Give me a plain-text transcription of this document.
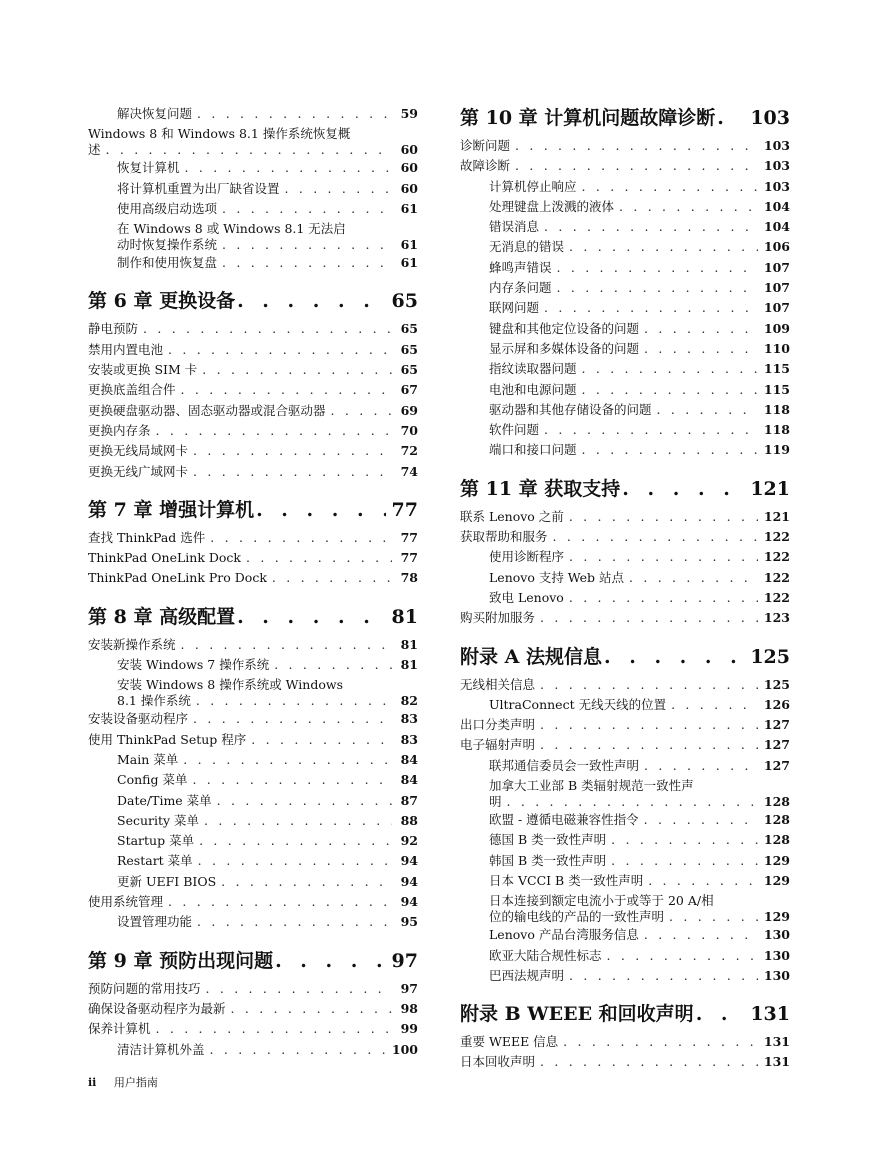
解决恢复问题 . . .	59
Windows 8 和 Windows 8.1 操作系统恢复概
述 . . .	60
恢复计算机 . . .	60
将计算机重置为出厂缺省设置 . . .	60
使用高级启动选项 . . .	61
在 Windows 8 或 Windows 8.1 无法启
动时恢复操作系统 . . .	61
制作和使用恢复盘 . . .	61
第 6 章 更换设备 . . .	65
静电预防 . . .	65
禁用内置电池 . . .	65
安装或更换 SIM 卡 . . .	65
更换底盖组合件 . . .	67
更换硬盘驱动器、固态驱动器或混合驱动器 . . .	69
更换内存条 . . .	70
更换无线局域网卡 . . .	72
更换无线广域网卡 . . .	74
第 7 章 增强计算机 . . .	77
查找 ThinkPad 选件 . . .	77
ThinkPad OneLink Dock . . .	77
ThinkPad OneLink Pro Dock . . .	78
第 8 章 高级配置 . . .	81
安装新操作系统 . . .	81
安装 Windows 7 操作系统 . . .	81
安装 Windows 8 操作系统或 Windows
8.1 操作系统 . . .	82
安装设备驱动程序 . . .	83
使用 ThinkPad Setup 程序 . . .	83
Main 菜单 . . .	84
Config 菜单 . . .	84
Date/Time 菜单 . . .	87
Security 菜单 . . .	88
Startup 菜单 . . .	92
Restart 菜单 . . .	94
更新 UEFI BIOS . . .	94
使用系统管理 . . .	94
设置管理功能 . . .	95
第 9 章 预防出现问题 . . .	97
预防问题的常用技巧 . . .	97
确保设备驱动程序为最新 . . .	98
保养计算机 . . .	99
清洁计算机外盖 . . .	100
第 10 章 计算机问题故障诊断 . . . 103
诊断问题 . . .	103
故障诊断 . . .	103
计算机停止响应 . . .	103
处理键盘上泼溅的液体 . . .	104
错误消息 . . .	104
无消息的错误 . . .	106
蜂鸣声错误 . . .	107
内存条问题 . . .	107
联网问题 . . .	107
键盘和其他定位设备的问题 . . .	109
显示屏和多媒体设备的问题 . . .	110
指纹读取器问题 . . .	115
电池和电源问题 . . .	115
驱动器和其他存储设备的问题 . . .	118
软件问题 . . .	118
端口和接口问题 . . .	119
第 11 章 获取支持 . . .	121
联系 Lenovo 之前 . . .	121
获取帮助和服务 . . .	122
使用诊断程序 . . .	122
Lenovo 支持 Web 站点 . . .	122
致电 Lenovo . . .	122
购买附加服务 . . .	123
附录 A 法规信息 . . .	125
无线相关信息 . . .	125
UltraConnect 无线天线的位置 . . .	126
出口分类声明 . . .	127
电子辐射声明 . . .	127
联邦通信委员会一致性声明 . . .	127
加拿大工业部 B 类辐射规范一致性声
明 . . .	128
欧盟 - 遵循电磁兼容性指令 . . .	128
德国 B 类一致性声明 . . .	128
韩国 B 类一致性声明 . . .	129
日本 VCCI B 类一致性声明 . . .	129
日本连接到额定电流小于或等于 20 A/相
位的输电线的产品的一致性声明 . . .	129
Lenovo 产品台湾服务信息 . . .	130
欧亚大陆合规性标志 . . .	130
巴西法规声明 . . .	130
附录 B WEEE 和回收声明 . . .	131
重要 WEEE 信息 . . .	131
日本回收声明 . . .	131
ii 用户指南
